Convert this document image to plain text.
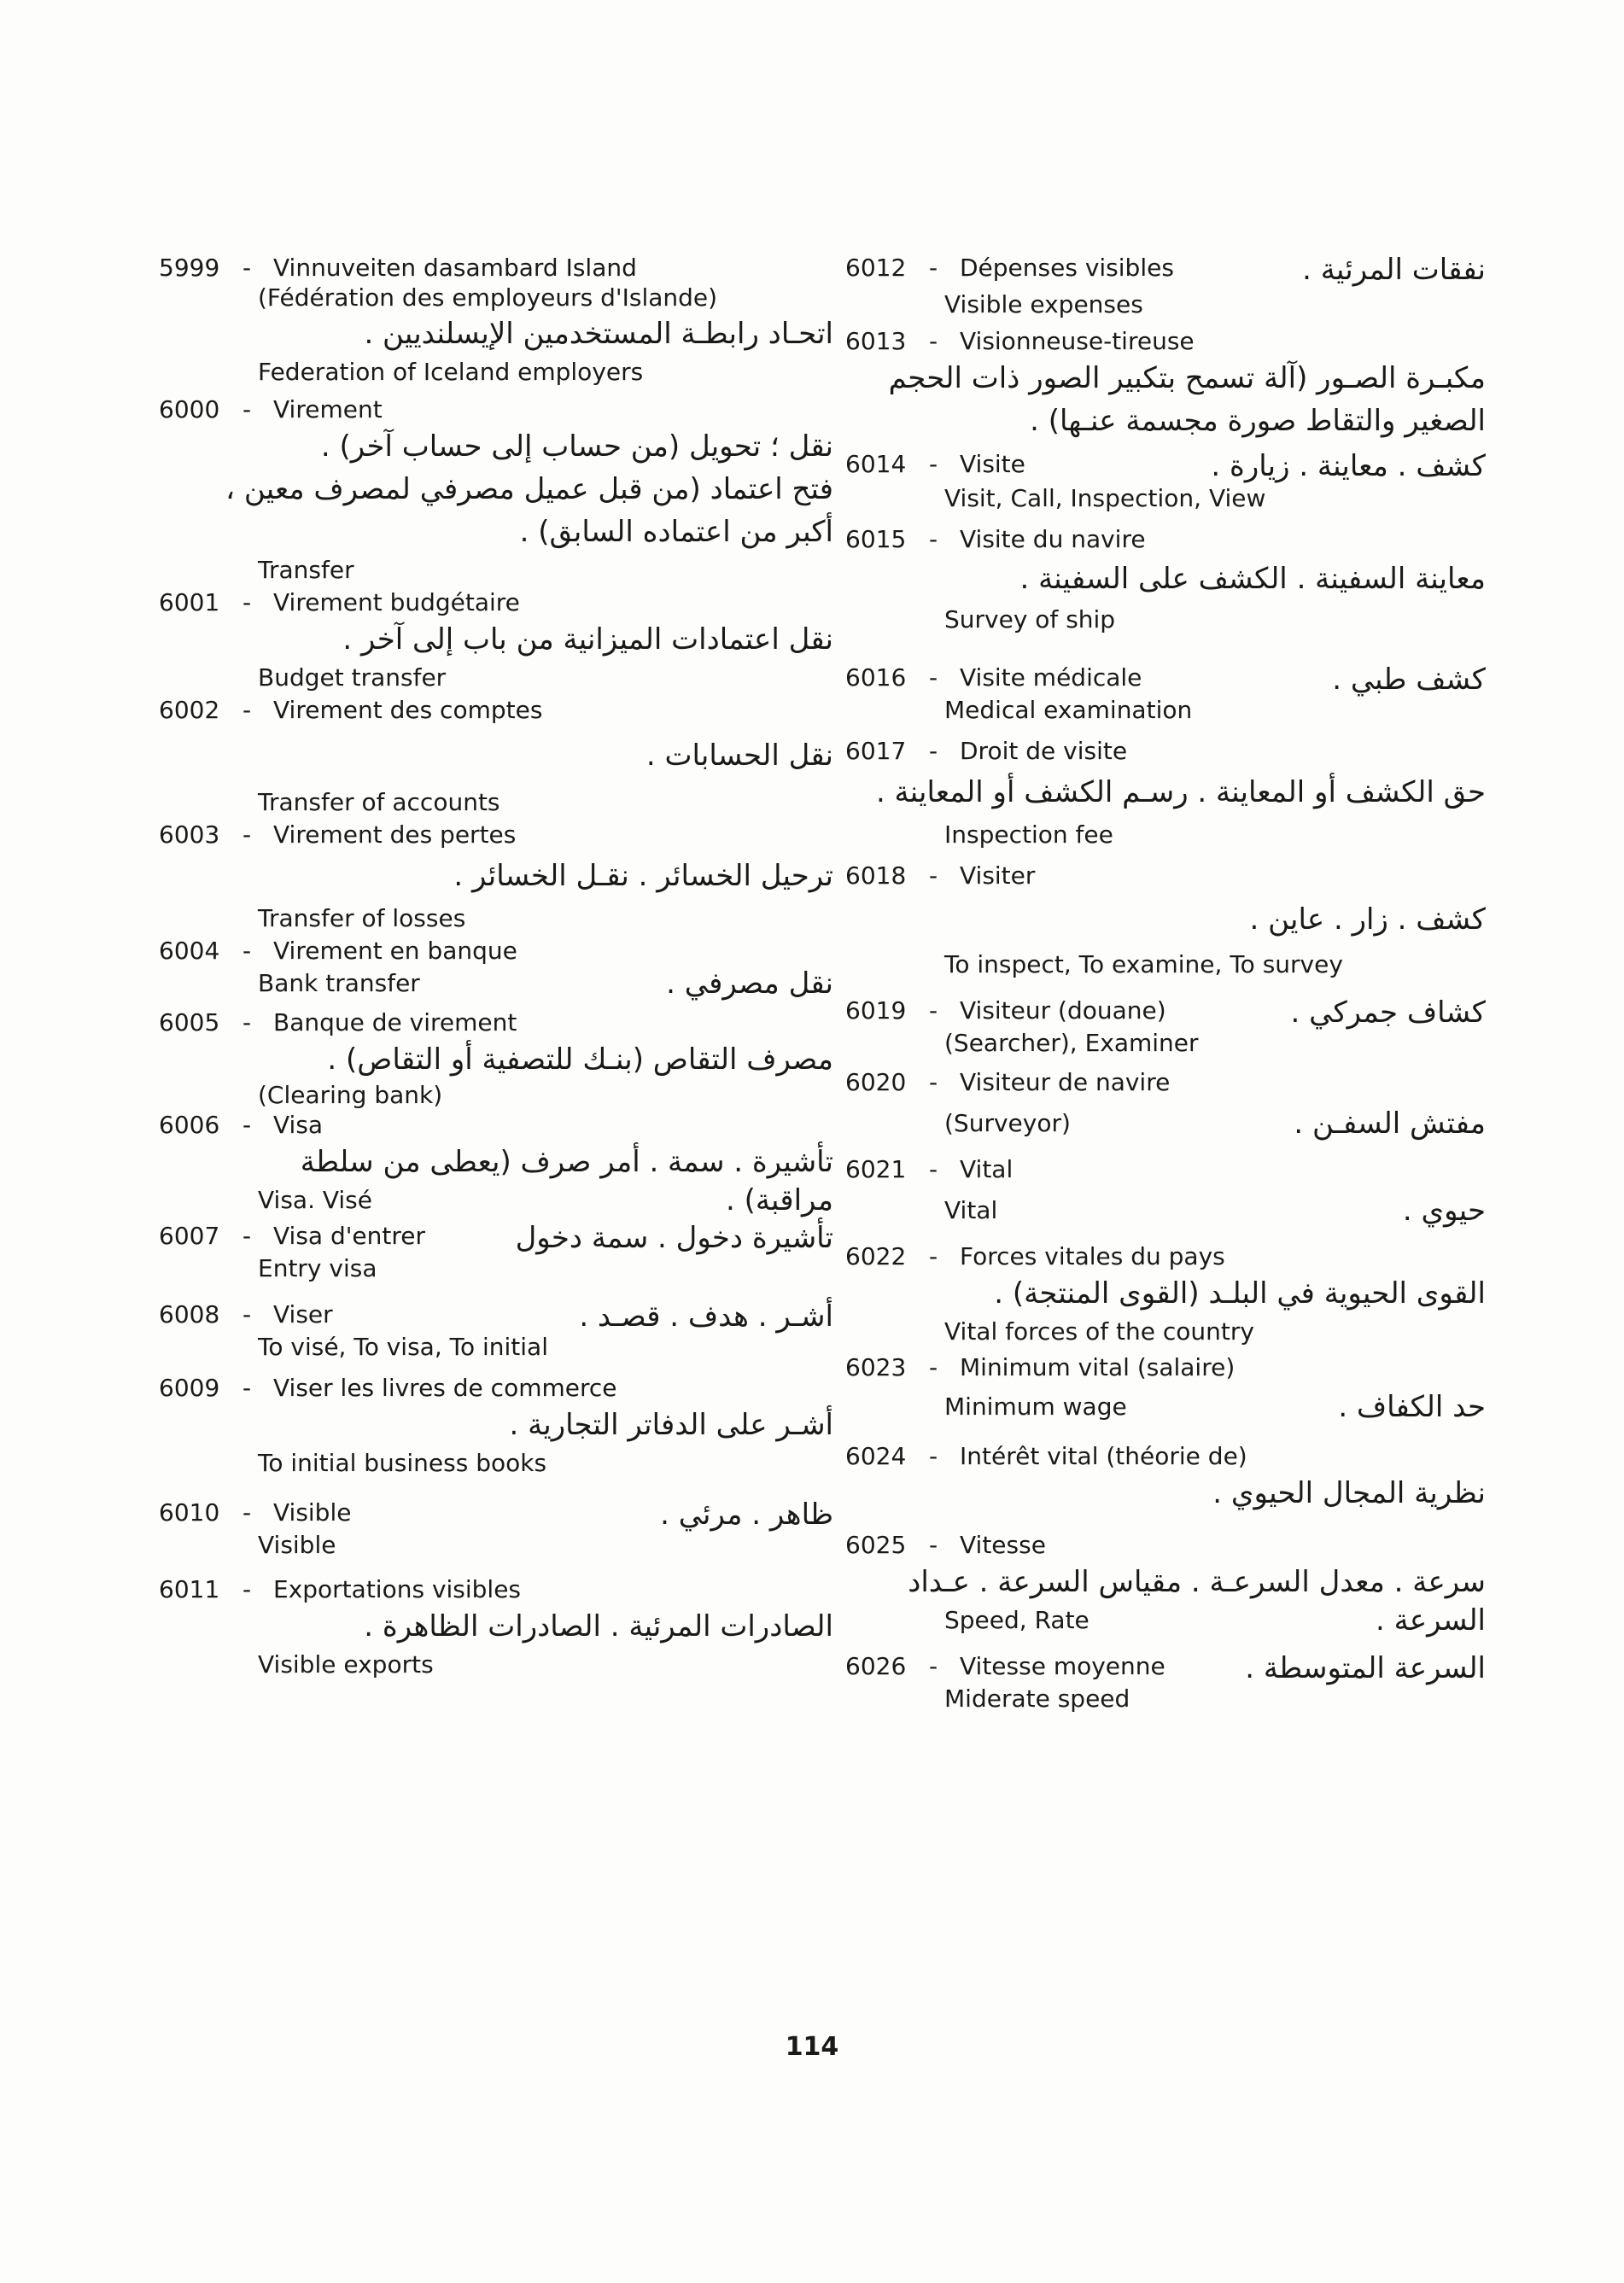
5999 - Vinnuveiten dasambard Island
(Fédération des employeurs d'Islande)
اتحـاد رابطـة المستخدمين الإيسلنديين .
Federation of Iceland employers
6000 - Virement
نقل ؛ تحويل (من حساب إلى حساب آخر) .
فتح اعتماد (من قبل عميل مصرفي لمصرف معين ،
أكبر من اعتماده السابق) .
Transfer
6001 - Virement budgétaire
نقل اعتمادات الميزانية من باب إلى آخر .
Budget transfer
6002 - Virement des comptes
نقل الحسابات .
Transfer of accounts
6003 - Virement des pertes
ترحيل الخسائر . نقـل الخسائر .
Transfer of losses
6004 - Virement en banque
Bank transfer	نقل مصرفي .
6005 - Banque de virement
مصرف التقاص (بنـك للتصفية أو التقاص) .
(Clearing bank)
6006 - Visa
تأشيرة . سمة . أمر صرف (يعطى من سلطة
Visa. Visé	مراقبة) .
6007 - Visa d'entrer	تأشيرة دخول . سمة دخول
Entry visa
6008 - Viser	أشـر . هدف . قصـد .
To visé, To visa, To initial
6009 - Viser les livres de commerce
أشـر على الدفاتر التجارية .
To initial business books
6010 - Visible	ظاهر . مرئي .
Visible
6011 - Exportations visibles
الصادرات المرئية . الصادرات الظاهرة .
Visible exports
6012 - Dépenses visibles	نفقات المرئية .
Visible expenses
6013 - Visionneuse-tireuse
مكبـرة الصـور (آلة تسمح بتكبير الصور ذات الحجم
الصغير والتقاط صورة مجسمة عنـها) .
6014 - Visite	كشف . معاينة . زيارة .
Visit, Call, Inspection, View
6015 - Visite du navire
معاينة السفينة . الكشف على السفينة .
Survey of ship
6016 - Visite médicale	كشف طبي .
Medical examination
6017 - Droit de visite
حق الكشف أو المعاينة . رسـم الكشف أو المعاينة .
Inspection fee
6018 - Visiter
كشف . زار . عاين .
To inspect, To examine, To survey
6019 - Visiteur (douane)	كشاف جمركي .
(Searcher), Examiner
6020 - Visiteur de navire
(Surveyor)	مفتش السفـن .
6021 - Vital
Vital	حيوي .
6022 - Forces vitales du pays
القوى الحيوية في البلـد (القوى المنتجة) .
Vital forces of the country
6023 - Minimum vital (salaire)
Minimum wage	حد الكفاف .
6024 - Intérêt vital (théorie de)
نظرية المجال الحيوي .
6025 - Vitesse
سرعة . معدل السرعـة . مقياس السرعة . عـداد
Speed, Rate	السرعة .
6026 - Vitesse moyenne	السرعة المتوسطة .
Miderate speed
114
